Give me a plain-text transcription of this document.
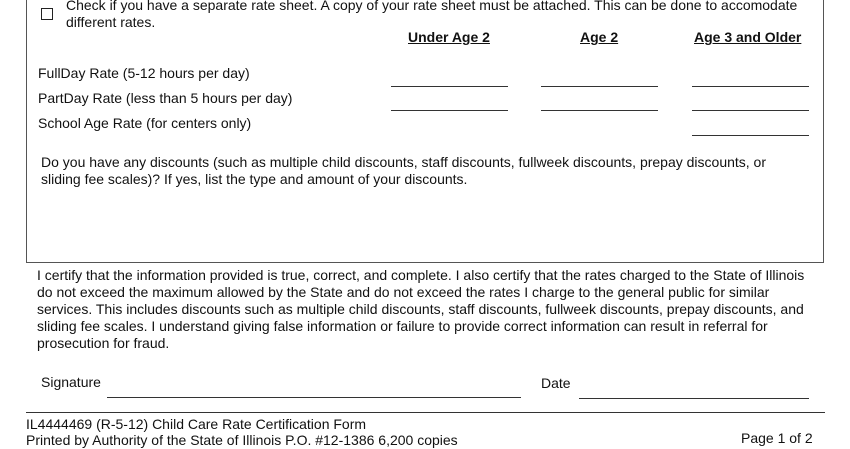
Check if you have a separate rate sheet. A copy of your rate sheet must be attached. This can be done to accomodate
different rates.
Under Age 2	Age 2	Age 3 and Older
FullDay Rate (5-12 hours per day)
PartDay Rate (less than 5 hours per day)
School Age Rate (for centers only)
Do you have any discounts (such as multiple child discounts, staff discounts, fullweek discounts, prepay discounts, or sliding fee scales)? If yes, list the type and amount of your discounts.
I certify that the information provided is true, correct, and complete. I also certify that the rates charged to the State of Illinois do not exceed the maximum allowed by the State and do not exceed the rates I charge to the general public for similar services. This includes discounts such as multiple child discounts, staff discounts, fullweek discounts, prepay discounts, and sliding fee scales. I understand giving false information or failure to provide correct information can result in referral for prosecution for fraud.
Signature	Date
IL4444469 (R-5-12) Child Care Rate Certification Form
Printed by Authority of the State of Illinois P.O. #12-1386 6,200 copies	Page 1 of 2
